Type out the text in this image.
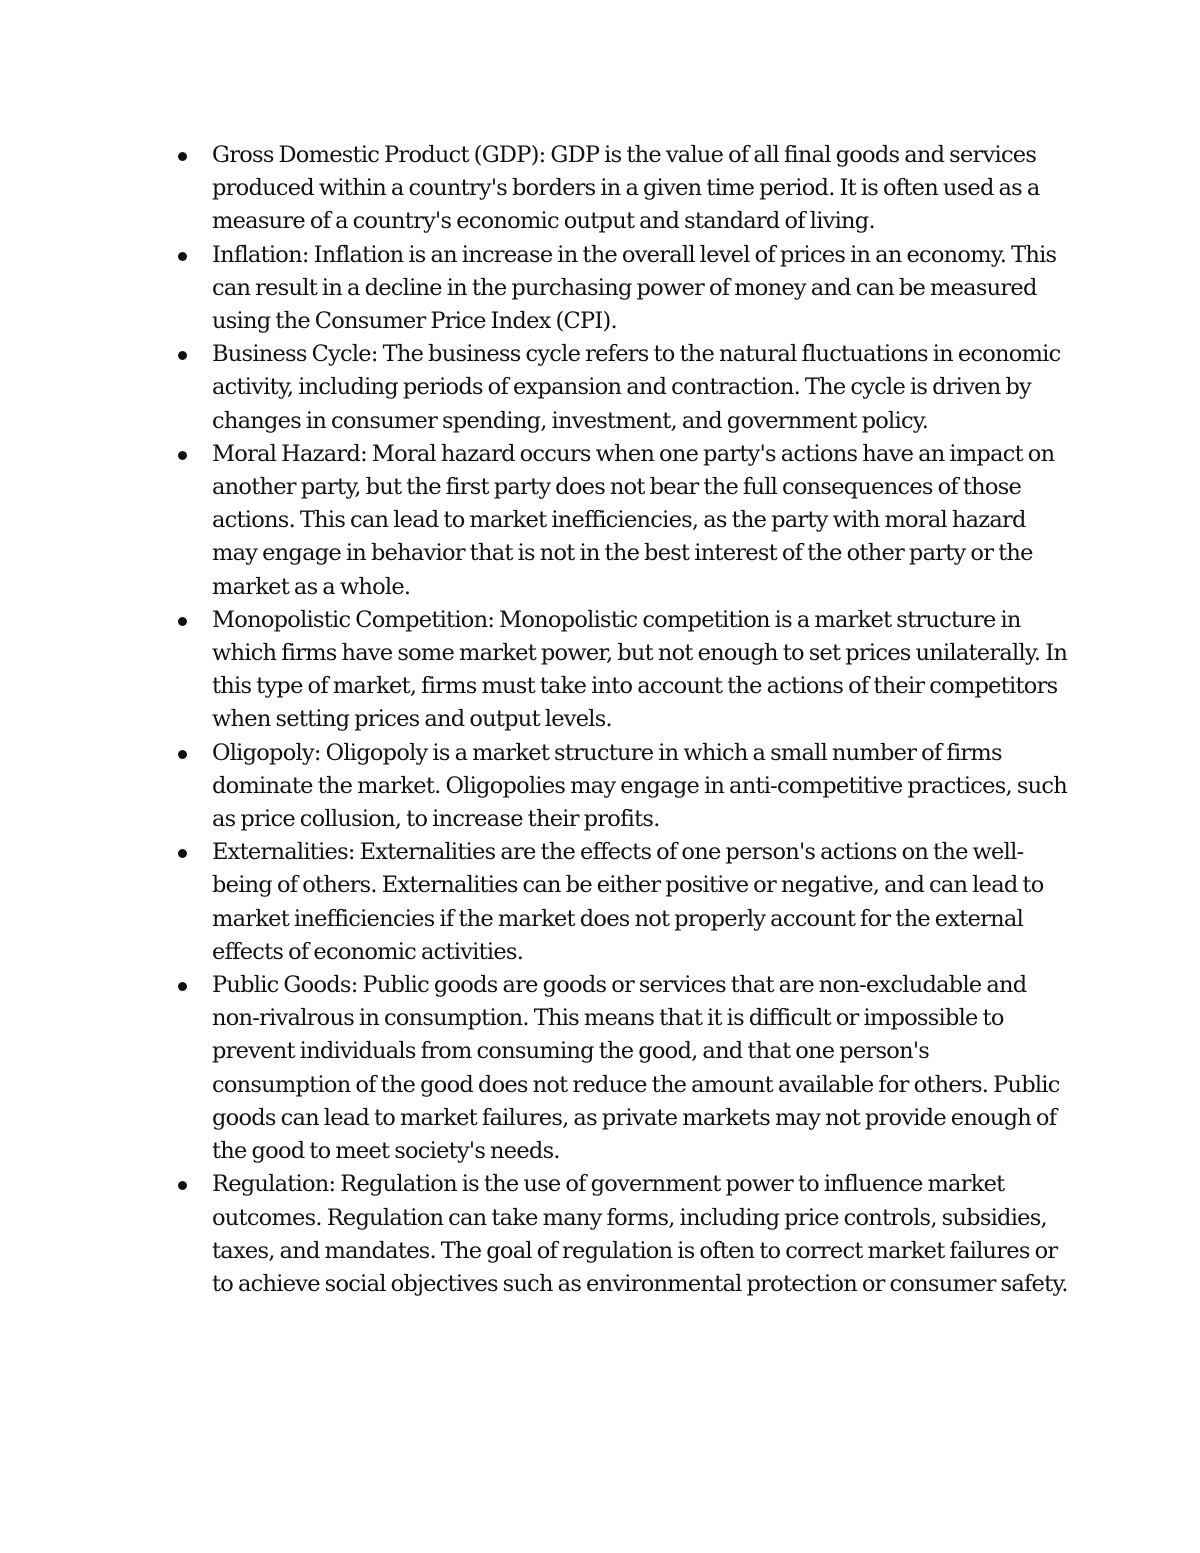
Gross Domestic Product (GDP): GDP is the value of all final goods and services produced within a country's borders in a given time period. It is often used as a measure of a country's economic output and standard of living.
Inflation: Inflation is an increase in the overall level of prices in an economy. This can result in a decline in the purchasing power of money and can be measured using the Consumer Price Index (CPI).
Business Cycle: The business cycle refers to the natural fluctuations in economic activity, including periods of expansion and contraction. The cycle is driven by changes in consumer spending, investment, and government policy.
Moral Hazard: Moral hazard occurs when one party's actions have an impact on another party, but the first party does not bear the full consequences of those actions. This can lead to market inefficiencies, as the party with moral hazard may engage in behavior that is not in the best interest of the other party or the market as a whole.
Monopolistic Competition: Monopolistic competition is a market structure in which firms have some market power, but not enough to set prices unilaterally. In this type of market, firms must take into account the actions of their competitors when setting prices and output levels.
Oligopoly: Oligopoly is a market structure in which a small number of firms dominate the market. Oligopolies may engage in anti-competitive practices, such as price collusion, to increase their profits.
Externalities: Externalities are the effects of one person's actions on the well-being of others. Externalities can be either positive or negative, and can lead to market inefficiencies if the market does not properly account for the external effects of economic activities.
Public Goods: Public goods are goods or services that are non-excludable and non-rivalrous in consumption. This means that it is difficult or impossible to prevent individuals from consuming the good, and that one person's consumption of the good does not reduce the amount available for others. Public goods can lead to market failures, as private markets may not provide enough of the good to meet society's needs.
Regulation: Regulation is the use of government power to influence market outcomes. Regulation can take many forms, including price controls, subsidies, taxes, and mandates. The goal of regulation is often to correct market failures or to achieve social objectives such as environmental protection or consumer safety.
